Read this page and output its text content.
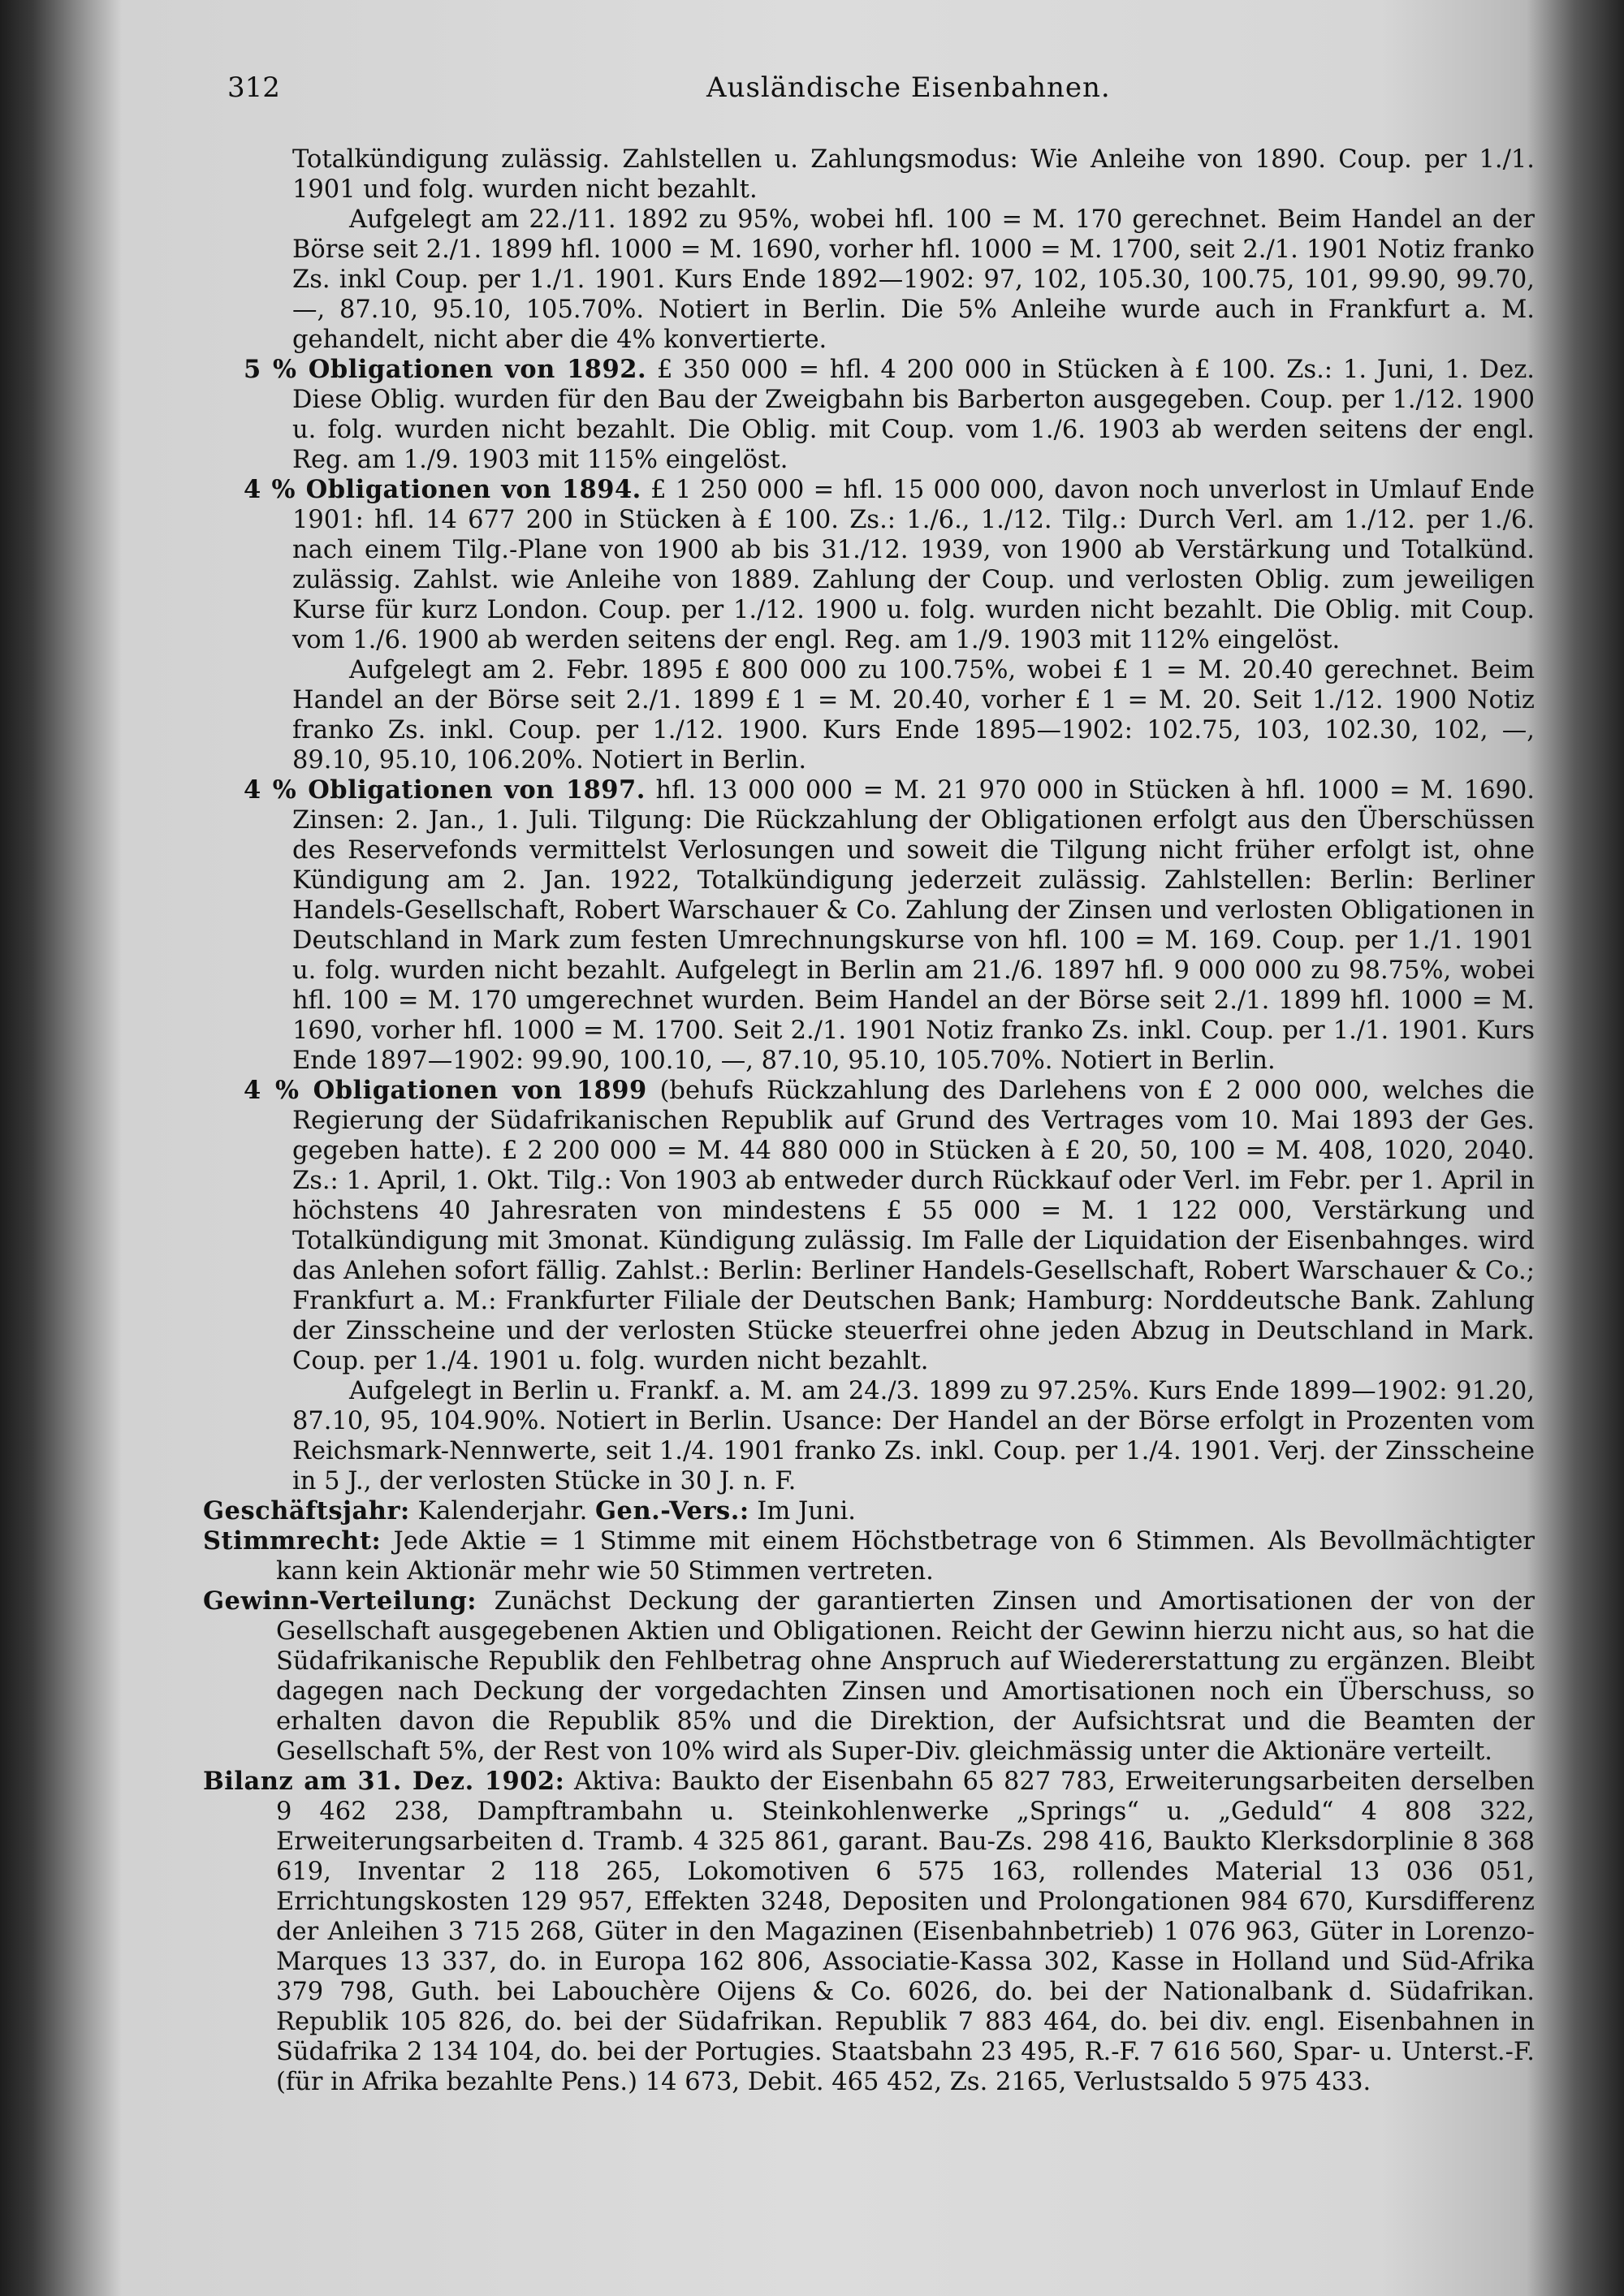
312	Ausländische Eisenbahnen.

Totalkündigung zulässig. Zahlstellen u. Zahlungsmodus: Wie Anleihe von 1890. Coup. per 1./1. 1901 und folg. wurden nicht bezahlt.

Aufgelegt am 22./11. 1892 zu 95%, wobei hfl. 100 = M. 170 gerechnet. Beim Handel an der Börse seit 2./1. 1899 hfl. 1000 = M. 1690, vorher hfl. 1000 = M. 1700, seit 2./1. 1901 Notiz franko Zs. inkl Coup. per 1./1. 1901. Kurs Ende 1892—1902: 97, 102, 105.30, 100.75, 101, 99.90, 99.70, —, 87.10, 95.10, 105.70%. Notiert in Berlin. Die 5% Anleihe wurde auch in Frankfurt a. M. gehandelt, nicht aber die 4% konvertierte.

5 % Obligationen von 1892. £ 350 000 = hfl. 4 200 000 in Stücken à £ 100. Zs.: 1. Juni, 1. Dez. Diese Oblig. wurden für den Bau der Zweigbahn bis Barberton ausgegeben. Coup. per 1./12. 1900 u. folg. wurden nicht bezahlt. Die Oblig. mit Coup. vom 1./6. 1903 ab werden seitens der engl. Reg. am 1./9. 1903 mit 115% eingelöst.

4 % Obligationen von 1894. £ 1 250 000 = hfl. 15 000 000, davon noch unverlost in Umlauf Ende 1901: hfl. 14 677 200 in Stücken à £ 100. Zs.: 1./6., 1./12. Tilg.: Durch Verl. am 1./12. per 1./6. nach einem Tilg.-Plane von 1900 ab bis 31./12. 1939, von 1900 ab Verstärkung und Totalkünd. zulässig. Zahlst. wie Anleihe von 1889. Zahlung der Coup. und verlosten Oblig. zum jeweiligen Kurse für kurz London. Coup. per 1./12. 1900 u. folg. wurden nicht bezahlt. Die Oblig. mit Coup. vom 1./6. 1900 ab werden seitens der engl. Reg. am 1./9. 1903 mit 112% eingelöst.

Aufgelegt am 2. Febr. 1895 £ 800 000 zu 100.75%, wobei £ 1 = M. 20.40 gerechnet. Beim Handel an der Börse seit 2./1. 1899 £ 1 = M. 20.40, vorher £ 1 = M. 20. Seit 1./12. 1900 Notiz franko Zs. inkl. Coup. per 1./12. 1900. Kurs Ende 1895—1902: 102.75, 103, 102.30, 102, —, 89.10, 95.10, 106.20%. Notiert in Berlin.

4 % Obligationen von 1897. hfl. 13 000 000 = M. 21 970 000 in Stücken à hfl. 1000 = M. 1690. Zinsen: 2. Jan., 1. Juli. Tilgung: Die Rückzahlung der Obligationen erfolgt aus den Überschüssen des Reservefonds vermittelst Verlosungen und soweit die Tilgung nicht früher erfolgt ist, ohne Kündigung am 2. Jan. 1922, Totalkündigung jederzeit zulässig. Zahlstellen: Berlin: Berliner Handels-Gesellschaft, Robert Warschauer & Co. Zahlung der Zinsen und verlosten Obligationen in Deutschland in Mark zum festen Umrechnungskurse von hfl. 100 = M. 169. Coup. per 1./1. 1901 u. folg. wurden nicht bezahlt. Aufgelegt in Berlin am 21./6. 1897 hfl. 9 000 000 zu 98.75%, wobei hfl. 100 = M. 170 umgerechnet wurden. Beim Handel an der Börse seit 2./1. 1899 hfl. 1000 = M. 1690, vorher hfl. 1000 = M. 1700. Seit 2./1. 1901 Notiz franko Zs. inkl. Coup. per 1./1. 1901. Kurs Ende 1897—1902: 99.90, 100.10, —, 87.10, 95.10, 105.70%. Notiert in Berlin.

4 % Obligationen von 1899 (behufs Rückzahlung des Darlehens von £ 2 000 000, welches die Regierung der Südafrikanischen Republik auf Grund des Vertrages vom 10. Mai 1893 der Ges. gegeben hatte). £ 2 200 000 = M. 44 880 000 in Stücken à £ 20, 50, 100 = M. 408, 1020, 2040. Zs.: 1. April, 1. Okt. Tilg.: Von 1903 ab entweder durch Rückkauf oder Verl. im Febr. per 1. April in höchstens 40 Jahresraten von mindestens £ 55 000 = M. 1 122 000, Verstärkung und Totalkündigung mit 3monat. Kündigung zulässig. Im Falle der Liquidation der Eisenbahnges. wird das Anlehen sofort fällig. Zahlst.: Berlin: Berliner Handels-Gesellschaft, Robert Warschauer & Co.; Frankfurt a. M.: Frankfurter Filiale der Deutschen Bank; Hamburg: Norddeutsche Bank. Zahlung der Zinsscheine und der verlosten Stücke steuerfrei ohne jeden Abzug in Deutschland in Mark. Coup. per 1./4. 1901 u. folg. wurden nicht bezahlt.

Aufgelegt in Berlin u. Frankf. a. M. am 24./3. 1899 zu 97.25%. Kurs Ende 1899—1902: 91.20, 87.10, 95, 104.90%. Notiert in Berlin. Usance: Der Handel an der Börse erfolgt in Prozenten vom Reichsmark-Nennwerte, seit 1./4. 1901 franko Zs. inkl. Coup. per 1./4. 1901. Verj. der Zinsscheine in 5 J., der verlosten Stücke in 30 J. n. F.

Geschäftsjahr: Kalenderjahr. Gen.-Vers.: Im Juni.

Stimmrecht: Jede Aktie = 1 Stimme mit einem Höchstbetrage von 6 Stimmen. Als Bevollmächtigter kann kein Aktionär mehr wie 50 Stimmen vertreten.

Gewinn-Verteilung: Zunächst Deckung der garantierten Zinsen und Amortisationen der von der Gesellschaft ausgegebenen Aktien und Obligationen. Reicht der Gewinn hierzu nicht aus, so hat die Südafrikanische Republik den Fehlbetrag ohne Anspruch auf Wiedererstattung zu ergänzen. Bleibt dagegen nach Deckung der vorgedachten Zinsen und Amortisationen noch ein Überschuss, so erhalten davon die Republik 85% und die Direktion, der Aufsichtsrat und die Beamten der Gesellschaft 5%, der Rest von 10% wird als Super-Div. gleichmässig unter die Aktionäre verteilt.

Bilanz am 31. Dez. 1902: Aktiva: Baukto der Eisenbahn 65 827 783, Erweiterungsarbeiten derselben 9 462 238, Dampftrambahn u. Steinkohlenwerke „Springs“ u. „Geduld“ 4 808 322, Erweiterungsarbeiten d. Tramb. 4 325 861, garant. Bau-Zs. 298 416, Baukto Klerksdorplinie 8 368 619, Inventar 2 118 265, Lokomotiven 6 575 163, rollendes Material 13 036 051, Errichtungskosten 129 957, Effekten 3248, Depositen und Prolongationen 984 670, Kursdifferenz der Anleihen 3 715 268, Güter in den Magazinen (Eisenbahnbetrieb) 1 076 963, Güter in Lorenzo-Marques 13 337, do. in Europa 162 806, Associatie-Kassa 302, Kasse in Holland und Süd-Afrika 379 798, Guth. bei Labouchère Oijens & Co. 6026, do. bei der Nationalbank d. Südafrikan. Republik 105 826, do. bei der Südafrikan. Republik 7 883 464, do. bei div. engl. Eisenbahnen in Südafrika 2 134 104, do. bei der Portugies. Staatsbahn 23 495, R.-F. 7 616 560, Spar- u. Unterst.-F. (für in Afrika bezahlte Pens.) 14 673, Debit. 465 452, Zs. 2165, Verlustsaldo 5 975 433.
